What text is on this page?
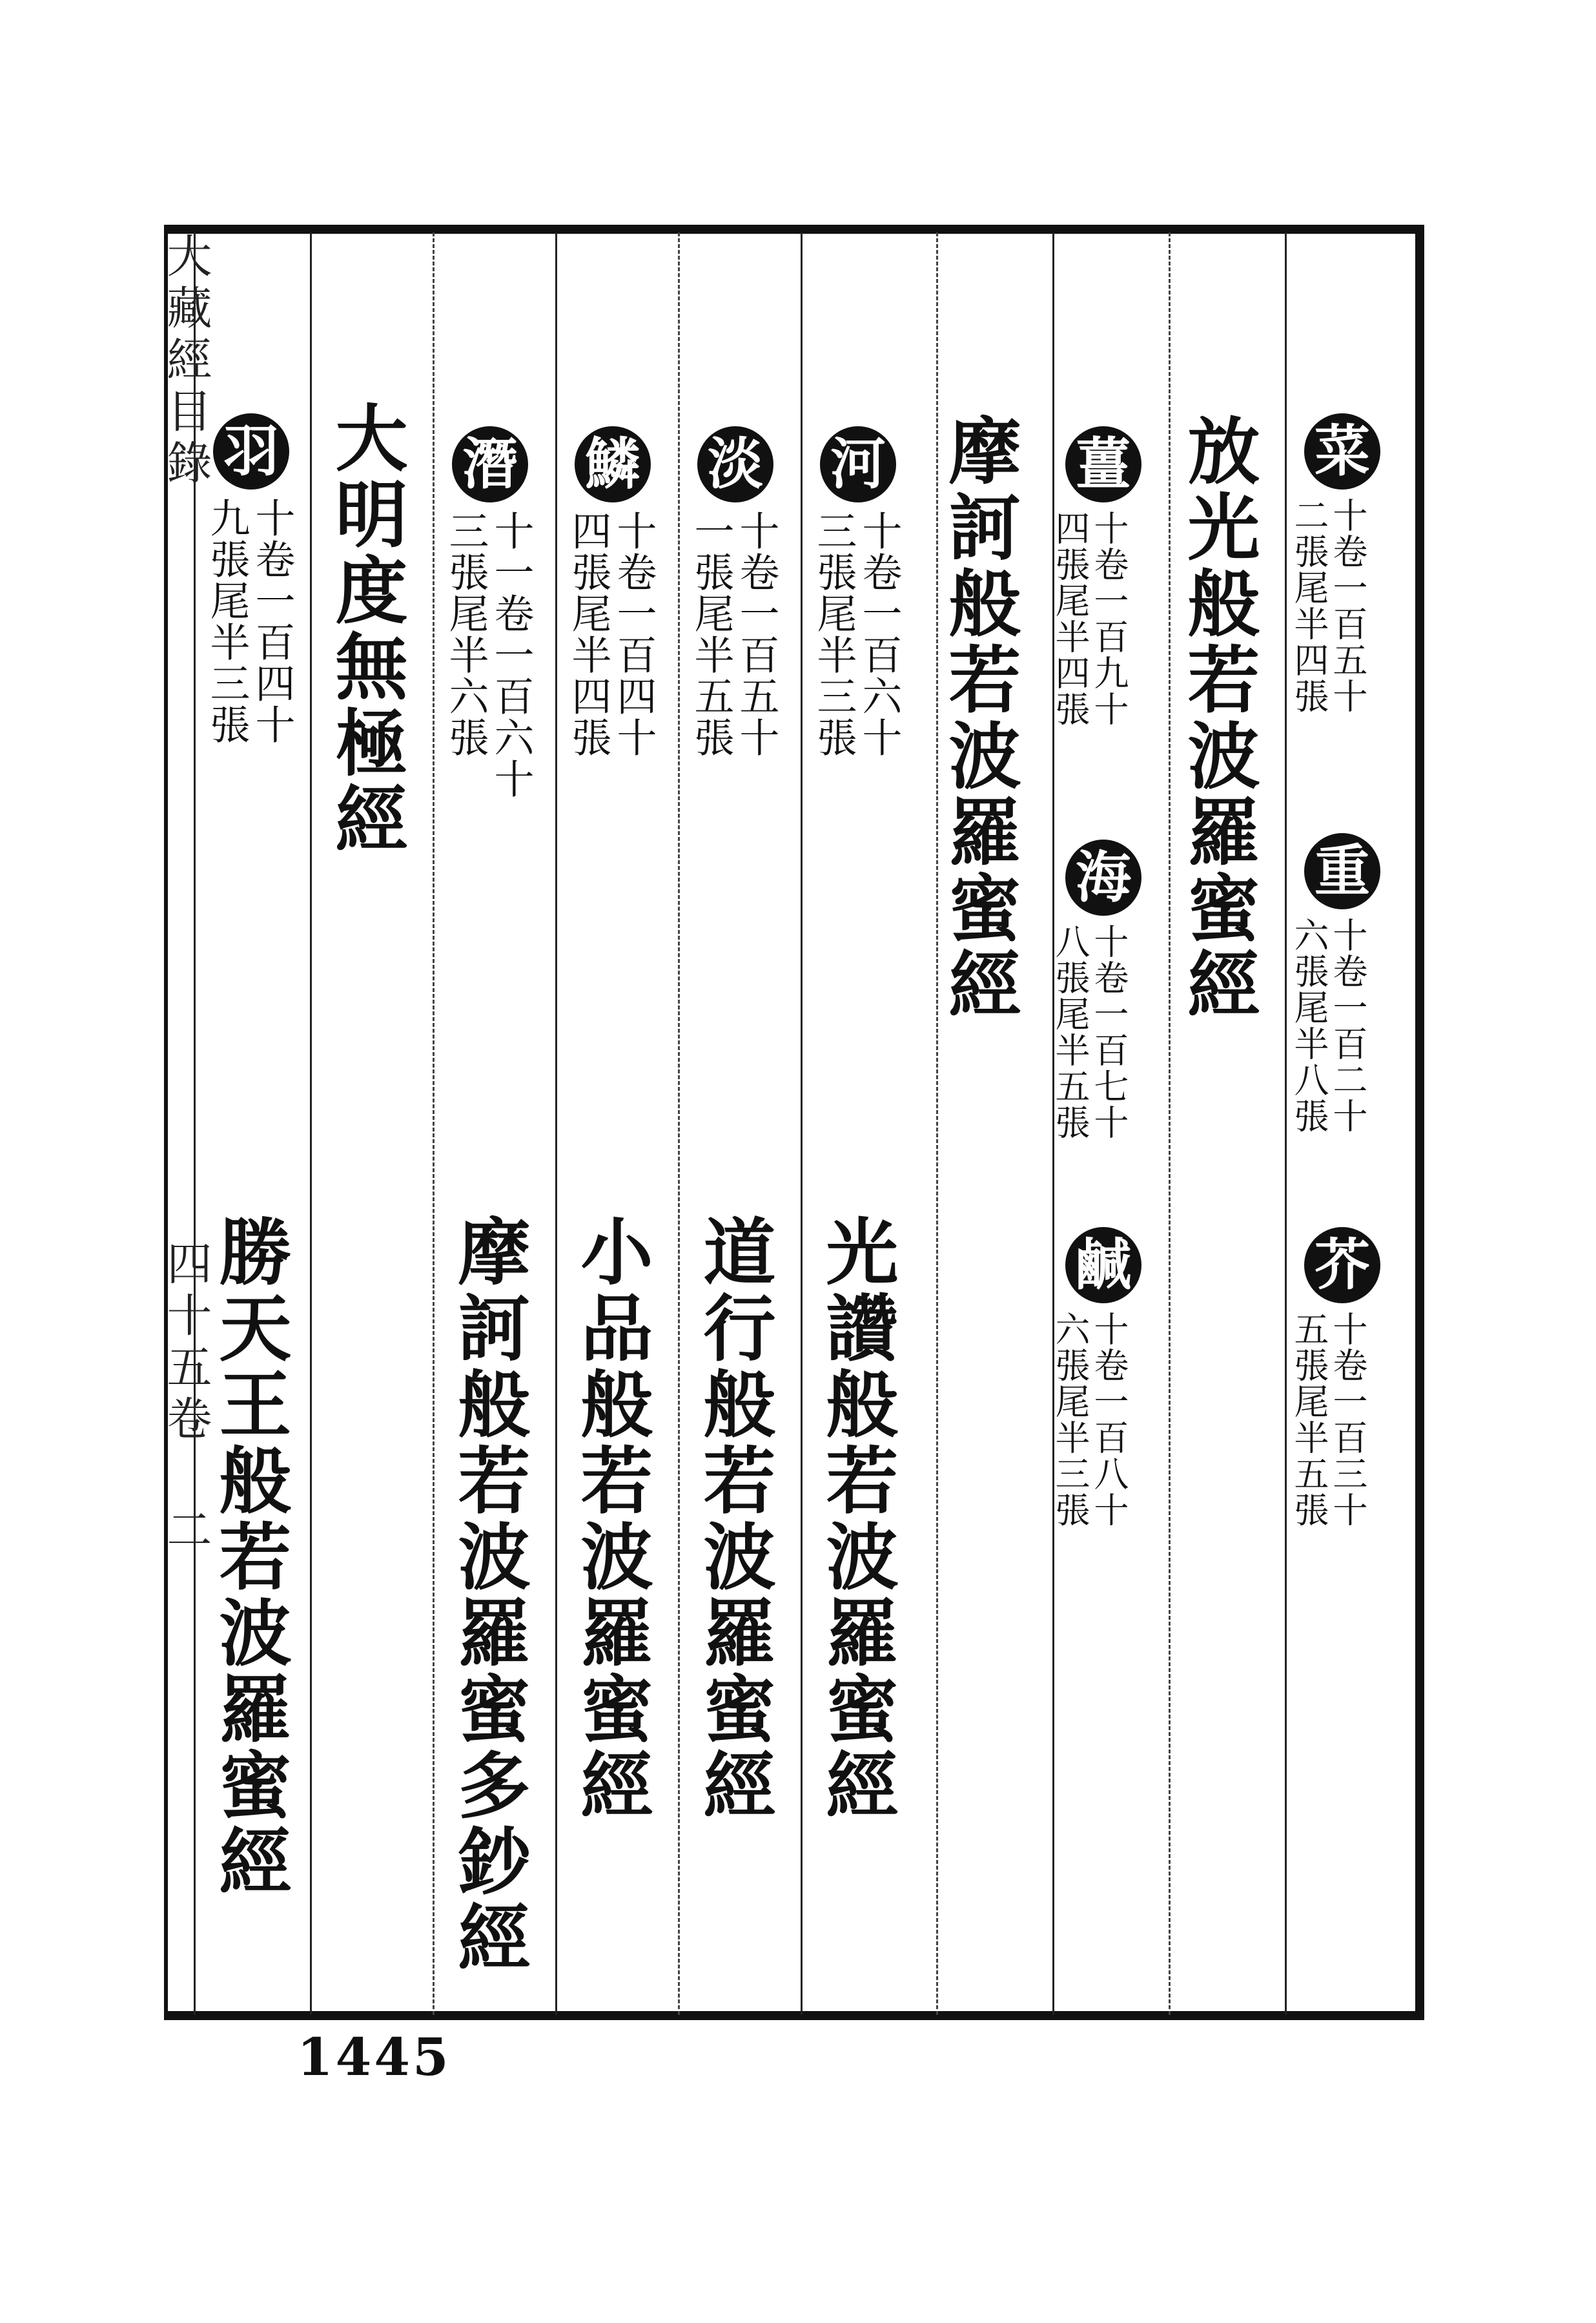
大藏經目錄
四十五卷 二
菜
十卷一百五十
二張尾半四張
重
十卷一百二十
六張尾半八張
芥
十卷一百三十
五張尾半五張
放光般若波羅蜜經
薑
十卷一百九十
四張尾半四張
海
十卷一百七十
八張尾半五張
鹹
十卷一百八十
六張尾半三張
摩訶般若波羅蜜經
河
十卷一百六十
三張尾半三張
淡
十卷一百五十
一張尾半五張
鱗
十卷一百四十
四張尾半四張
潛
十一卷一百六十
三張尾半六張
大明度無極經
羽
十卷一百四十
九張尾半三張
光讚般若波羅蜜經
道行般若波羅蜜經
小品般若波羅蜜經
摩訶般若波羅蜜多鈔經
勝天王般若波羅蜜經
1445
